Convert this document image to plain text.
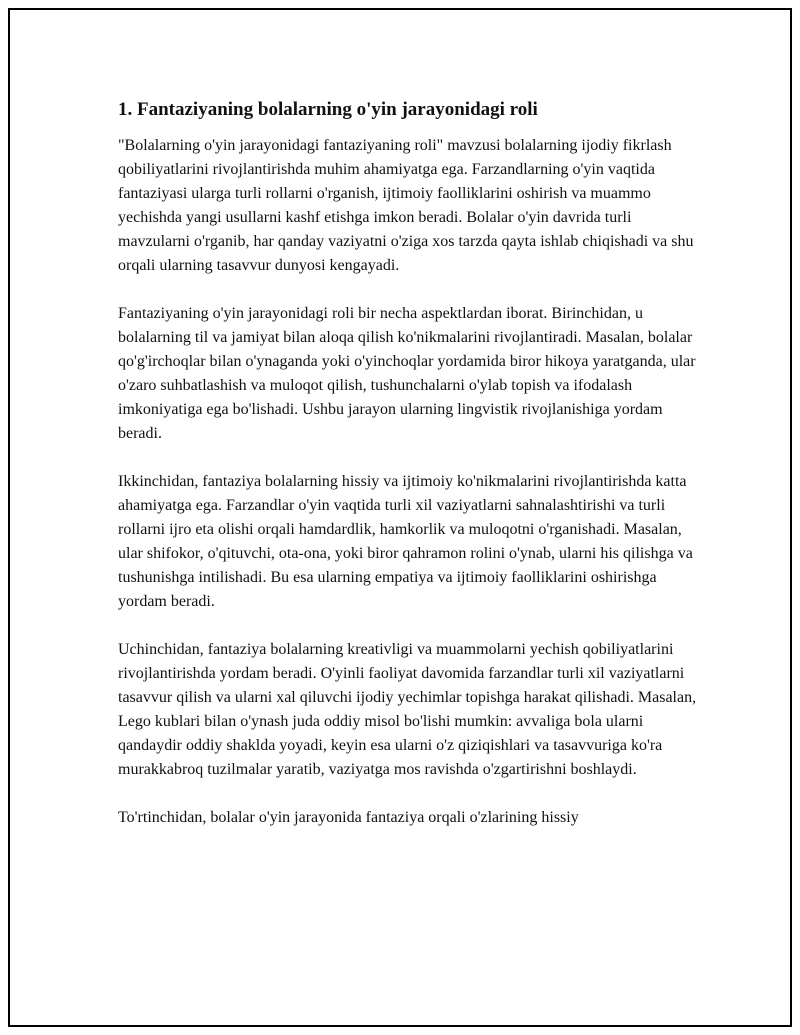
1. Fantaziyaning bolalarning o'yin jarayonidagi roli

"Bolalarning o'yin jarayonidagi fantaziyaning roli" mavzusi bolalarning ijodiy fikrlash qobiliyatlarini rivojlantirishda muhim ahamiyatga ega. Farzandlarning o'yin vaqtida fantaziyasi ularga turli rollarni o'rganish, ijtimoiy faolliklarini oshirish va muammo yechishda yangi usullarni kashf etishga imkon beradi. Bolalar o'yin davrida turli mavzularni o'rganib, har qanday vaziyatni o'ziga xos tarzda qayta ishlab chiqishadi va shu orqali ularning tasavvur dunyosi kengayadi.

Fantaziyaning o'yin jarayonidagi roli bir necha aspektlardan iborat. Birinchidan, u bolalarning til va jamiyat bilan aloqa qilish ko'nikmalarini rivojlantiradi. Masalan, bolalar qo'g'irchoqlar bilan o'ynaganda yoki o'yinchoqlar yordamida biror hikoya yaratganda, ular o'zaro suhbatlashish va muloqot qilish, tushunchalarni o'ylab topish va ifodalash imkoniyatiga ega bo'lishadi. Ushbu jarayon ularning lingvistik rivojlanishiga yordam beradi.

Ikkinchidan, fantaziya bolalarning hissiy va ijtimoiy ko'nikmalarini rivojlantirishda katta ahamiyatga ega. Farzandlar o'yin vaqtida turli xil vaziyatlarni sahnalashtirishi va turli rollarni ijro eta olishi orqali hamdardlik, hamkorlik va muloqotni o'rganishadi. Masalan, ular shifokor, o'qituvchi, ota-ona, yoki biror qahramon rolini o'ynab, ularni his qilishga va tushunishga intilishadi. Bu esa ularning empatiya va ijtimoiy faolliklarini oshirishga yordam beradi.

Uchinchidan, fantaziya bolalarning kreativligi va muammolarni yechish qobiliyatlarini rivojlantirishda yordam beradi. O'yinli faoliyat davomida farzandlar turli xil vaziyatlarni tasavvur qilish va ularni xal qiluvchi ijodiy yechimlar topishga harakat qilishadi. Masalan, Lego kublari bilan o'ynash juda oddiy misol bo'lishi mumkin: avvaliga bola ularni qandaydir oddiy shaklda yoyadi, keyin esa ularni o'z qiziqishlari va tasavvuriga ko'ra murakkabroq tuzilmalar yaratib, vaziyatga mos ravishda o'zgartirishni boshlaydi.

To'rtinchidan, bolalar o'yin jarayonida fantaziya orqali o'zlarining hissiy
